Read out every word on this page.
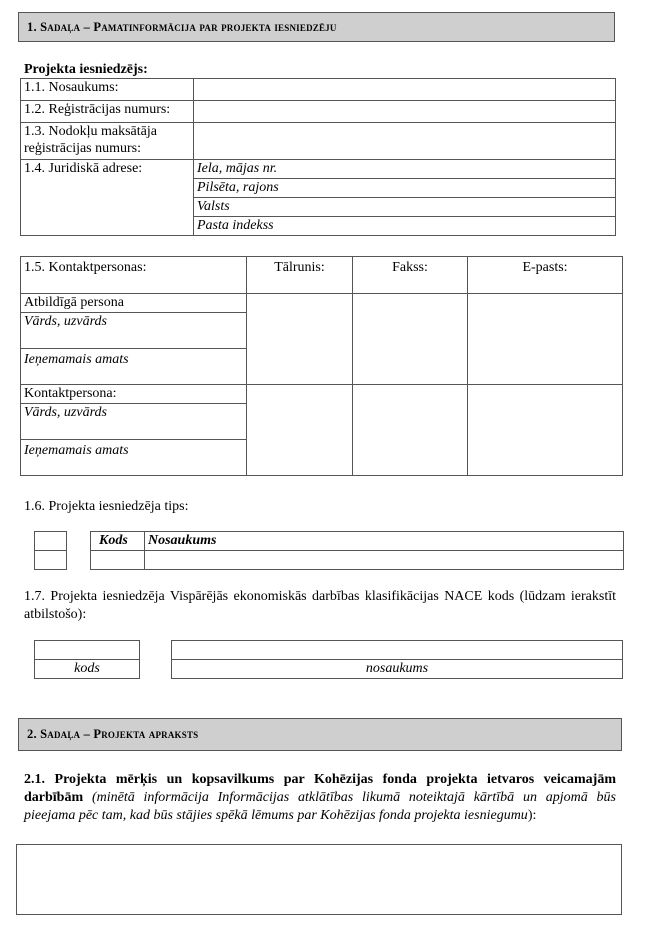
1. Sadaļa – Pamatinformācija par projekta iesniedzēju
Projekta iesniedzējs:
1.1. Nosaukums:	
1.2. Reģistrācijas numurs:	
1.3. Nodokļu maksātāja
reģistrācijas numurs:	
1.4. Juridiskā adrese:	Iela, mājas nr.
	Pilsēta, rajons
	Valsts
	Pasta indekss
1.5. Kontaktpersonas:	Tālrunis:	Fakss:	E-pasts:
Atbildīgā persona			
Vārds, uzvārds			
Ieņemamais amats			
Kontaktpersona:			
Vārds, uzvārds			
Ieņemamais amats			
1.6. Projekta iesniedzēja tips:

Kods	Nosaukums

1.7. Projekta iesniedzēja Vispārējās ekonomiskās darbības klasifikācijas NACE kods (lūdzam ierakstīt atbilstošo):

kods	nosaukums
2. Sadaļa – Projekta apraksts
2.1. Projekta mērķis un kopsavilkums par Kohēzijas fonda projekta ietvaros veicamajām darbībām (minētā informācija Informācijas atklātības likumā noteiktajā kārtībā un apjomā būs pieejama pēc tam, kad būs stājies spēkā lēmums par Kohēzijas fonda projekta iesniegumu):
